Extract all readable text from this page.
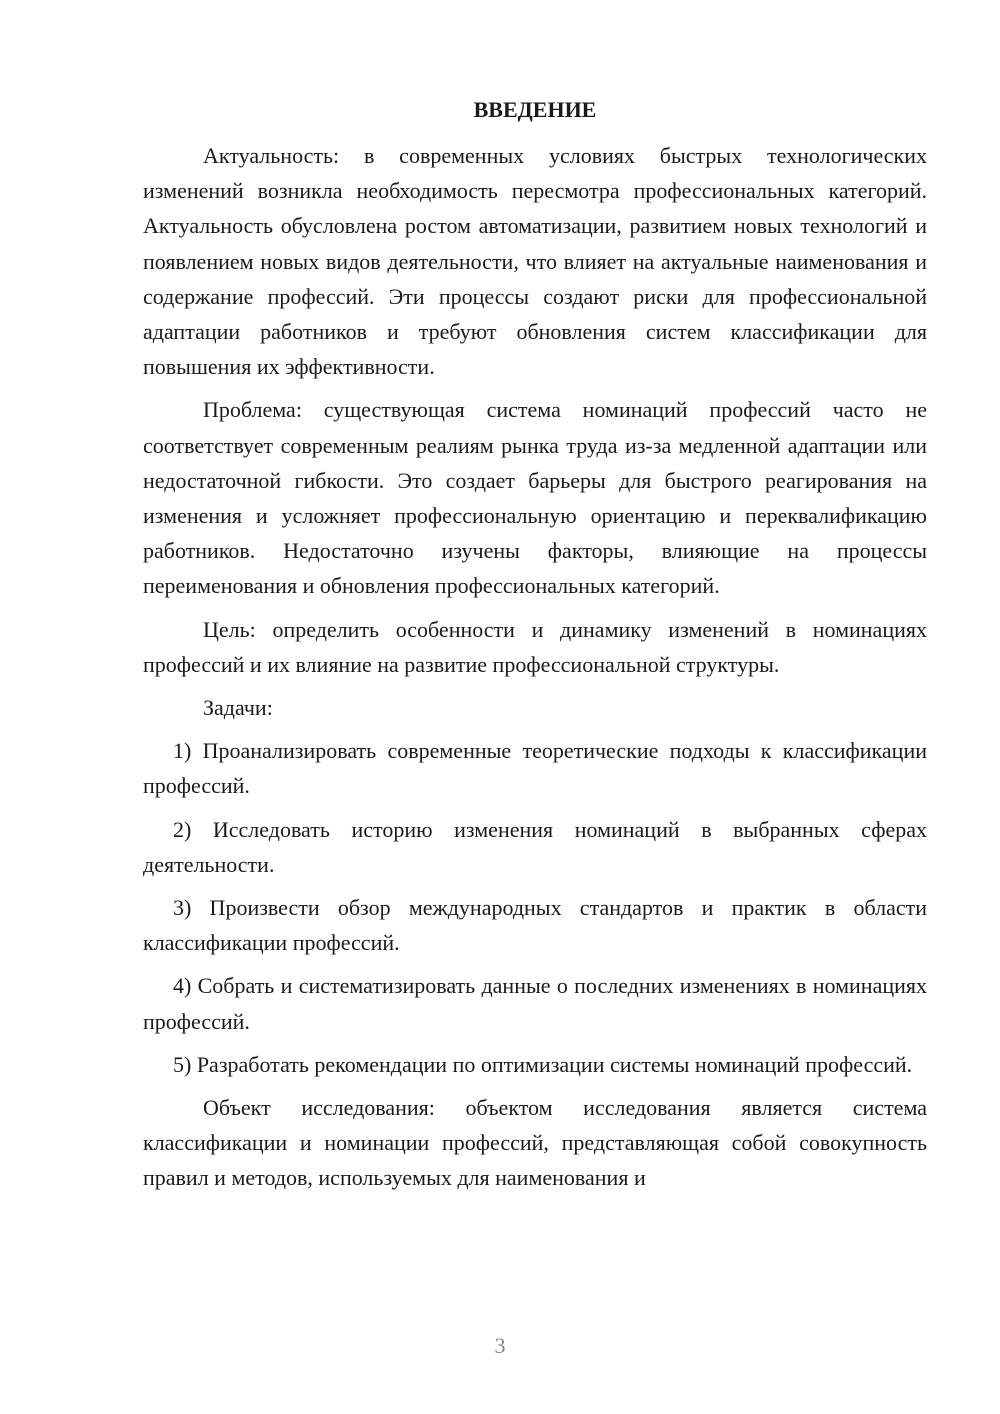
ВВЕДЕНИЕ

Актуальность: в современных условиях быстрых технологических изменений возникла необходимость пересмотра профессиональных категорий. Актуальность обусловлена ростом автоматизации, развитием новых технологий и появлением новых видов деятельности, что влияет на актуальные наименования и содержание профессий. Эти процессы создают риски для профессиональной адаптации работников и требуют обновления систем классификации для повышения их эффективности.

Проблема: существующая система номинаций профессий часто не соответствует современным реалиям рынка труда из-за медленной адаптации или недостаточной гибкости. Это создает барьеры для быстрого реагирования на изменения и усложняет профессиональную ориентацию и переквалификацию работников. Недостаточно изучены факторы, влияющие на процессы переименования и обновления профессиональных категорий.

Цель: определить особенности и динамику изменений в номинациях профессий и их влияние на развитие профессиональной структуры.

Задачи:

1) Проанализировать современные теоретические подходы к классификации профессий.

2) Исследовать историю изменения номинаций в выбранных сферах деятельности.

3) Произвести обзор международных стандартов и практик в области классификации профессий.

4) Собрать и систематизировать данные о последних изменениях в номинациях профессий.

5) Разработать рекомендации по оптимизации системы номинаций профессий.

Объект исследования: объектом исследования является система классификации и номинации профессий, представляющая собой совокупность правил и методов, используемых для наименования и

3
